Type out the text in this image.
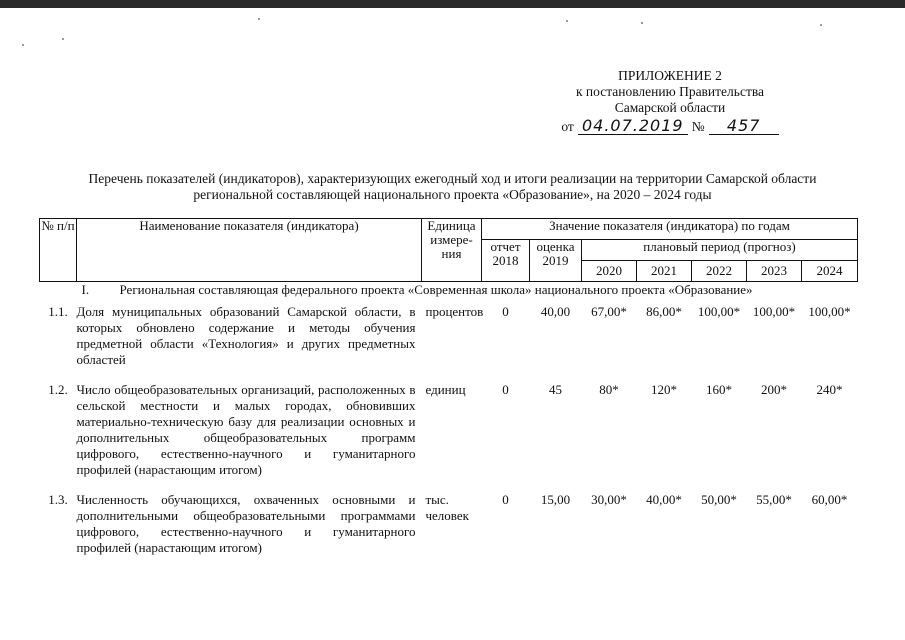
ПРИЛОЖЕНИЕ 2
к постановлению Правительства
Самарской области
от 04.07.2019 №	457
Перечень показателей (индикаторов), характеризующих ежегодный ход и итоги реализации на территории Самарской области
региональной составляющей национального проекта «Образование», на 2020 – 2024 годы
№ п/п	Наименование показателя (индикатора)	Единица измере-ния	Значение показателя (индикатора) по годам						
			отчет 2018	оценка 2019	плановый период (прогноз)				
					2020	2021	2022	2023	2024
I. Региональная составляющая федерального проекта «Современная школа» национального проекта «Образование»									
1.1.	Доля муниципальных образований Самарской области, в которых обновлено содержание и методы обучения предметной области «Технология» и других предметных областей	процентов	0	40,00	67,00*	86,00*	100,00*	100,00*	100,00*
1.2.	Число общеобразовательных организаций, расположенных в сельской местности и малых городах, обновивших материально-техническую базу для реализации основных и дополнительных общеобразовательных программ цифрового, естественно-научного и гуманитарного профилей (нарастающим итогом)	единиц	0	45	80*	120*	160*	200*	240*
1.3.	Численность обучающихся, охваченных основными и дополнительными общеобразовательными программами цифрового, естественно-научного и гуманитарного профилей (нарастающим итогом)	тыс. человек	0	15,00	30,00*	40,00*	50,00*	55,00*	60,00*
